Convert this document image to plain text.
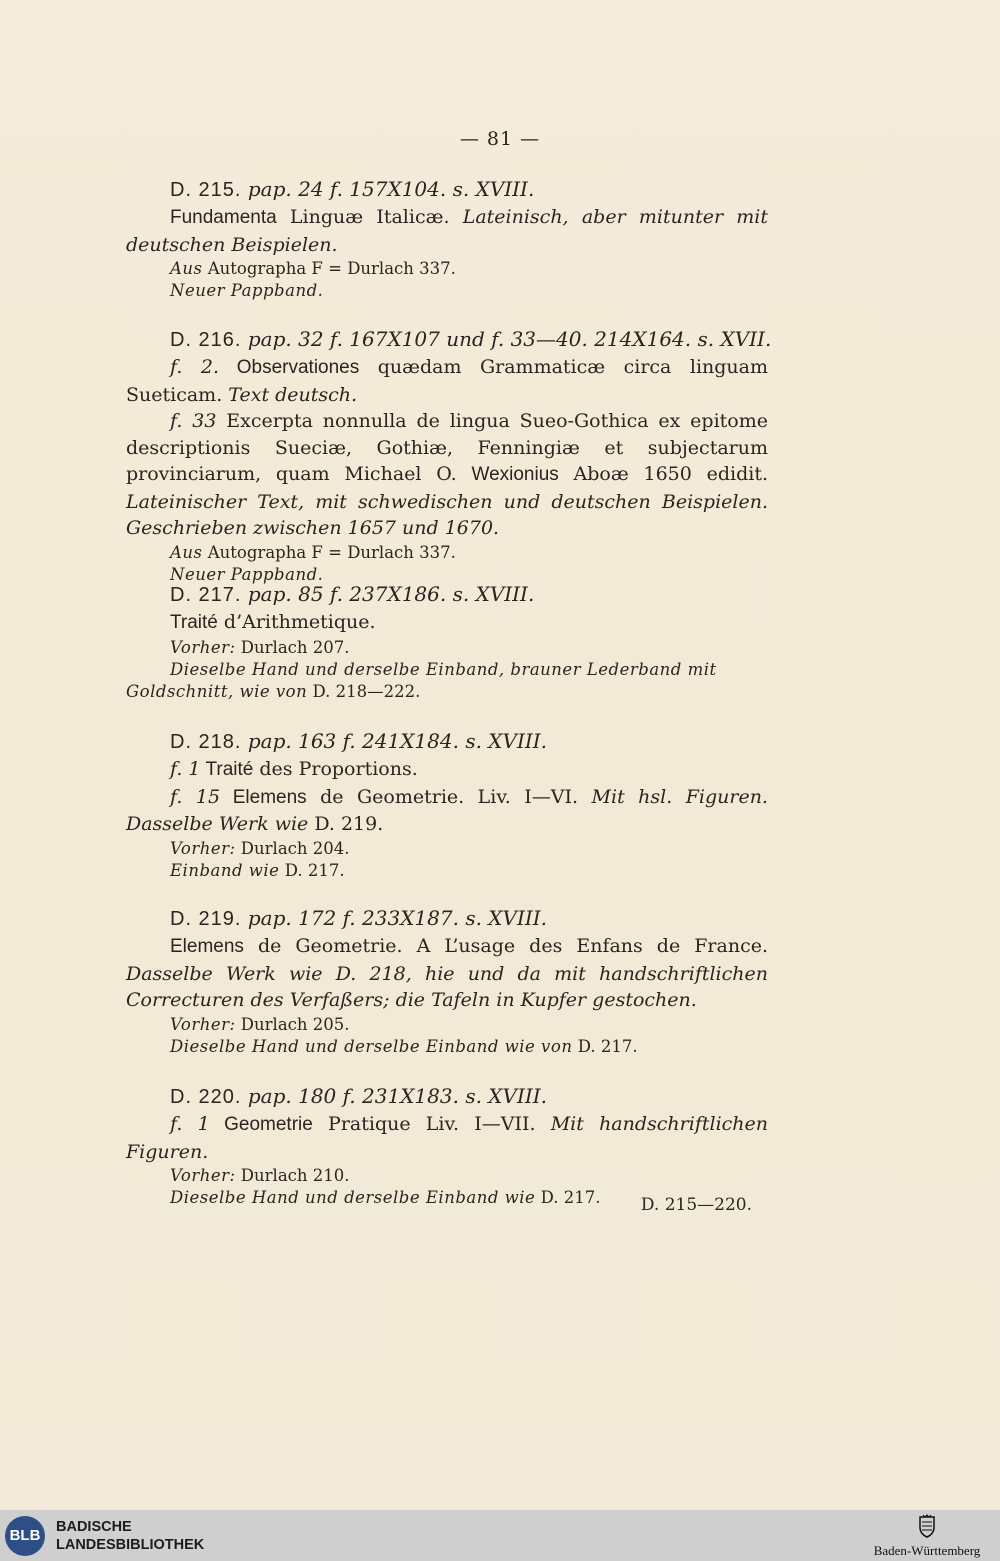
— 81 —
D. 215. pap. 24 f. 157X104. s. XVIII.
Fundamenta Linguæ Italicæ. Lateinisch, aber mitunter mit deutschen Beispielen.
Aus Autographa F = Durlach 337.
Neuer Pappband.
D. 216. pap. 32 f. 167X107 und f. 33—40. 214X164. s. XVII.
f. 2. Observationes quædam Grammaticæ circa linguam Sueticam. Text deutsch.
f. 33 Excerpta nonnulla de lingua Sueo-Gothica ex epitome descriptionis Sueciæ, Gothiæ, Fenningiæ et subjectarum provinciarum, quam Michael O. Wexionius Aboæ 1650 edidit. Lateinischer Text, mit schwedischen und deutschen Beispielen. Geschrieben zwischen 1657 und 1670.
Aus Autographa F = Durlach 337.
Neuer Pappband.
D. 217. pap. 85 f. 237X186. s. XVIII.
Traité d’Arithmetique.
Vorher: Durlach 207.
Dieselbe Hand und derselbe Einband, brauner Lederband mit Goldschnitt, wie von D. 218—222.
D. 218. pap. 163 f. 241X184. s. XVIII.
f. 1 Traité des Proportions.
f. 15 Elemens de Geometrie. Liv. I—VI. Mit hsl. Figuren. Dasselbe Werk wie D. 219.
Vorher: Durlach 204.
Einband wie D. 217.
D. 219. pap. 172 f. 233X187. s. XVIII.
Elemens de Geometrie. A L’usage des Enfans de France. Dasselbe Werk wie D. 218, hie und da mit handschriftlichen Correcturen des Verfaßers; die Tafeln in Kupfer gestochen.
Vorher: Durlach 205.
Dieselbe Hand und derselbe Einband wie von D. 217.
D. 220. pap. 180 f. 231X183. s. XVIII.
f. 1 Geometrie Pratique Liv. I—VII. Mit handschriftlichen Figuren.
Vorher: Durlach 210.
Dieselbe Hand und derselbe Einband wie D. 217.	D. 215—220.
BLB	BADISCHE
LANDESBIBLIOTHEK	Baden-Württemberg
